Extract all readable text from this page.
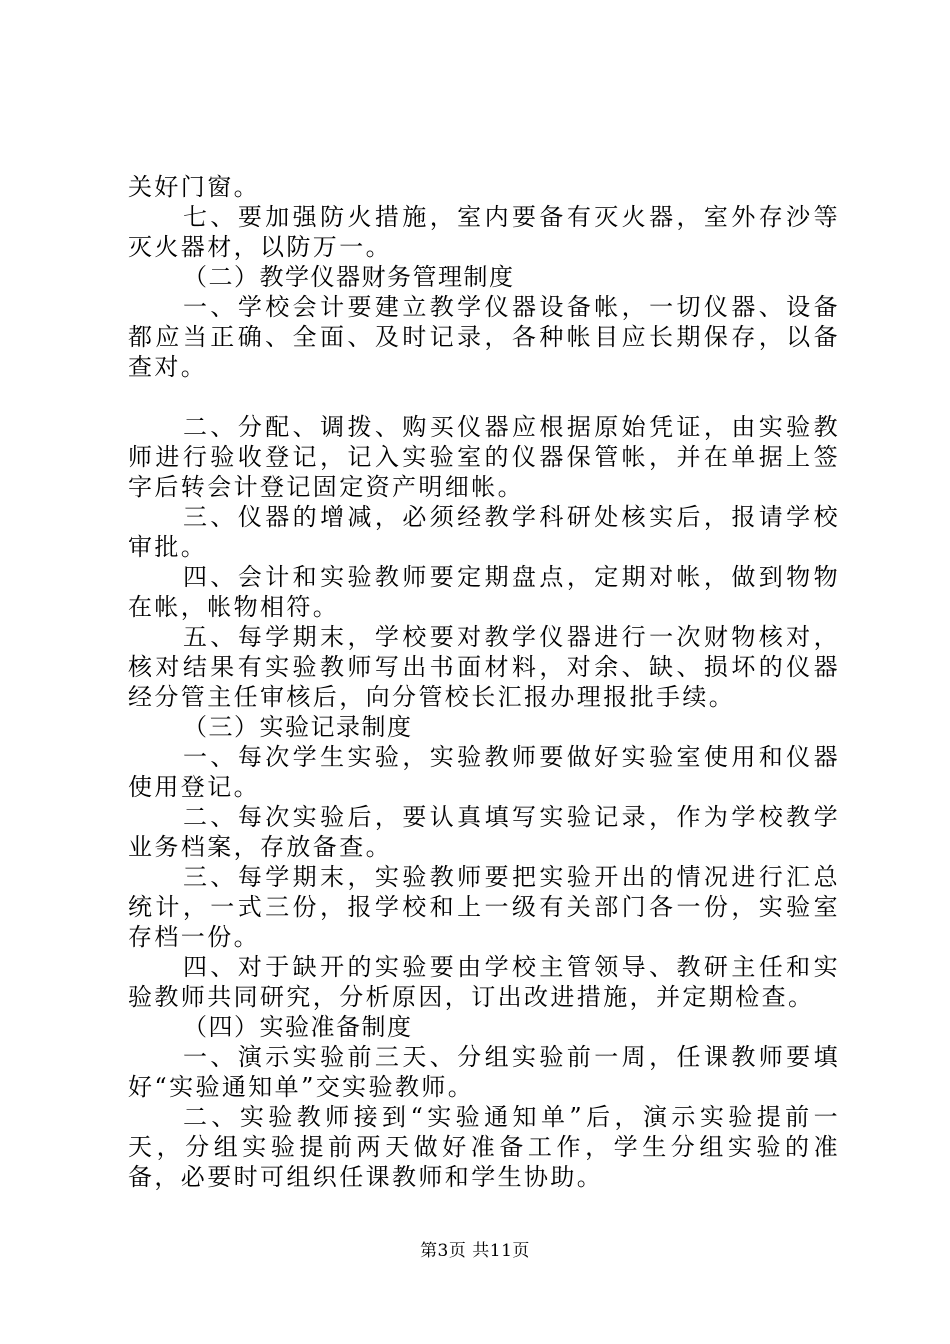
关好门窗。

七、要加强防火措施，室内要备有灭火器，室外存沙等灭火器材，以防万一。

（二）教学仪器财务管理制度

一、学校会计要建立教学仪器设备帐，一切仪器、设备都应当正确、全面、及时记录，各种帐目应长期保存，以备查对。

二、分配、调拨、购买仪器应根据原始凭证，由实验教师进行验收登记，记入实验室的仪器保管帐，并在单据上签字后转会计登记固定资产明细帐。

三、仪器的增减，必须经教学科研处核实后，报请学校审批。

四、会计和实验教师要定期盘点，定期对帐，做到物物在帐，帐物相符。

五、每学期末，学校要对教学仪器进行一次财物核对，核对结果有实验教师写出书面材料，对余、缺、损坏的仪器经分管主任审核后，向分管校长汇报办理报批手续。

（三）实验记录制度

一、每次学生实验，实验教师要做好实验室使用和仪器使用登记。

二、每次实验后，要认真填写实验记录，作为学校教学业务档案，存放备查。

三、每学期末，实验教师要把实验开出的情况进行汇总统计，一式三份，报学校和上一级有关部门各一份，实验室存档一份。

四、对于缺开的实验要由学校主管领导、教研主任和实验教师共同研究，分析原因，订出改进措施，并定期检查。

（四）实验准备制度

一、演示实验前三天、分组实验前一周，任课教师要填好“实验通知单”交实验教师。

二、实验教师接到“实验通知单”后，演示实验提前一天，分组实验提前两天做好准备工作，学生分组实验的准备，必要时可组织任课教师和学生协助。

第3页 共11页
